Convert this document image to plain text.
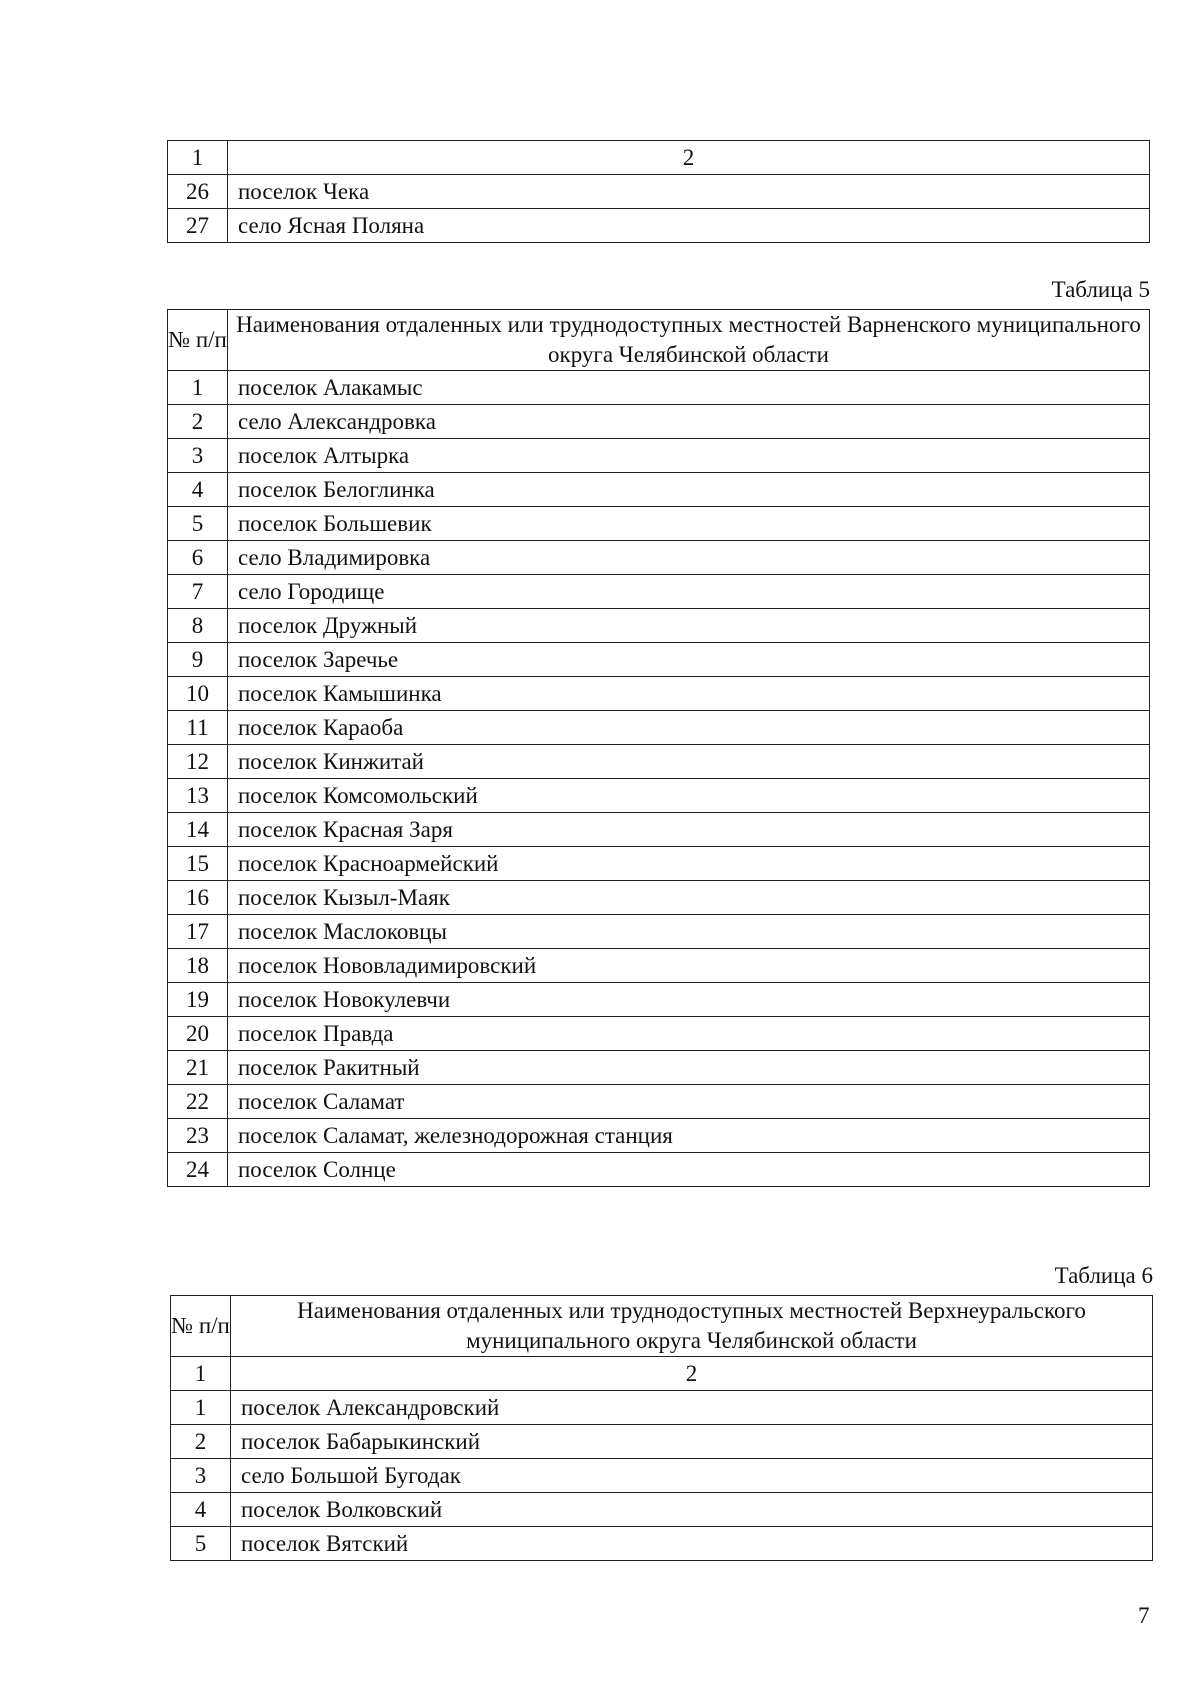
1	2
26	поселок Чека
27	село Ясная Поляна
Таблица 5
№ п/п	Наименования отдаленных или труднодоступных местностей Варненского муниципального округа Челябинской области
1	поселок Алакамыс
2	село Александровка
3	поселок Алтырка
4	поселок Белоглинка
5	поселок Большевик
6	село Владимировка
7	село Городище
8	поселок Дружный
9	поселок Заречье
10	поселок Камышинка
11	поселок Караоба
12	поселок Кинжитай
13	поселок Комсомольский
14	поселок Красная Заря
15	поселок Красноармейский
16	поселок Кызыл-Маяк
17	поселок Маслоковцы
18	поселок Нововладимировский
19	поселок Новокулевчи
20	поселок Правда
21	поселок Ракитный
22	поселок Саламат
23	поселок Саламат, железнодорожная станция
24	поселок Солнце
Таблица 6
№ п/п	Наименования отдаленных или труднодоступных местностей Верхнеуральского муниципального округа Челябинской области
1	2
1	поселок Александровский
2	поселок Бабарыкинский
3	село Большой Бугодак
4	поселок Волковский
5	поселок Вятский
7
